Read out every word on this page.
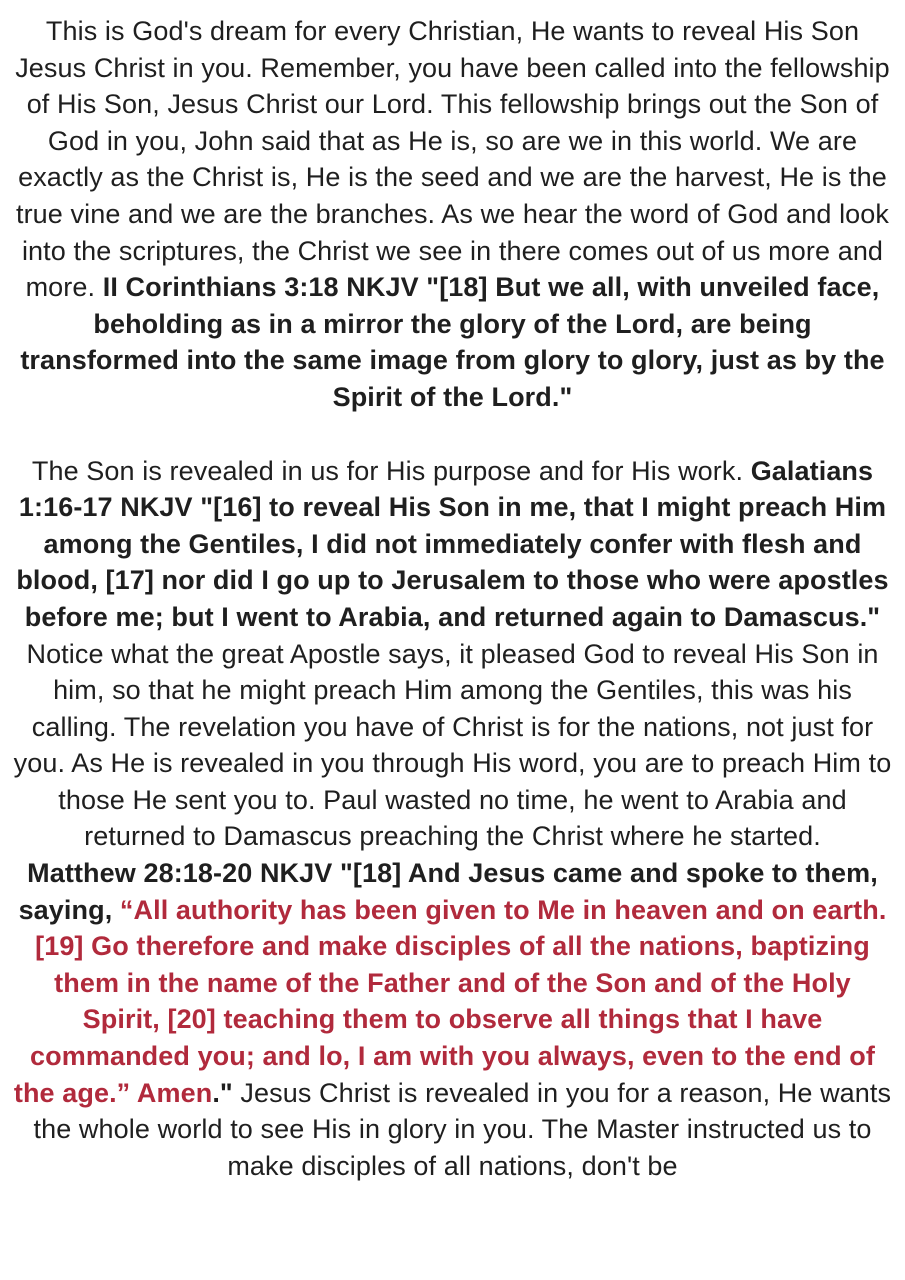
This is God's dream for every Christian, He wants to reveal His Son Jesus Christ in you. Remember, you have been called into the fellowship of His Son, Jesus Christ our Lord. This fellowship brings out the Son of God in you, John said that as He is, so are we in this world. We are exactly as the Christ is, He is the seed and we are the harvest, He is the true vine and we are the branches. As we hear the word of God and look into the scriptures, the Christ we see in there comes out of us more and more. II Corinthians 3:18 NKJV "[18] But we all, with unveiled face, beholding as in a mirror the glory of the Lord, are being transformed into the same image from glory to glory, just as by the Spirit of the Lord."

The Son is revealed in us for His purpose and for His work. Galatians 1:16-17 NKJV "[16] to reveal His Son in me, that I might preach Him among the Gentiles, I did not immediately confer with flesh and blood, [17] nor did I go up to Jerusalem to those who were apostles before me; but I went to Arabia, and returned again to Damascus." Notice what the great Apostle says, it pleased God to reveal His Son in him, so that he might preach Him among the Gentiles, this was his calling. The revelation you have of Christ is for the nations, not just for you. As He is revealed in you through His word, you are to preach Him to those He sent you to. Paul wasted no time, he went to Arabia and returned to Damascus preaching the Christ where he started.
Matthew 28:18-20 NKJV "[18] And Jesus came and spoke to them, saying, “All authority has been given to Me in heaven and on earth. [19] Go therefore and make disciples of all the nations, baptizing them in the name of the Father and of the Son and of the Holy Spirit, [20] teaching them to observe all things that I have commanded you; and lo, I am with you always, even to the end of the age.” Amen." Jesus Christ is revealed in you for a reason, He wants the whole world to see His in glory in you. The Master instructed us to make disciples of all nations, don't be
